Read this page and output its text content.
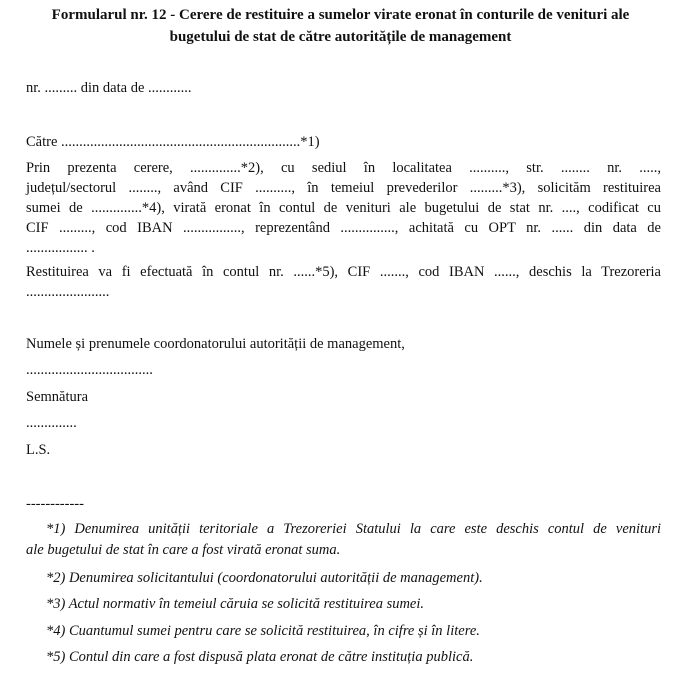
Formularul nr. 12 - Cerere de restituire a sumelor virate eronat în conturile de venituri ale
bugetului de stat de către autoritățile de management
nr. ......... din data de ............
Către ..................................................................*1)
Prin prezenta cerere, ..............*2), cu sediul în localitatea .........., str. ........ nr. .....,
județul/sectorul ........, având CIF .........., în temeiul prevederilor .........*3), solicităm restituirea
sumei de ..............*4), virată eronat în contul de venituri ale bugetului de stat nr. ...., codificat cu
CIF ........., cod IBAN ................, reprezentând ..............., achitată cu OPT nr. ...... din data de
................. .
Restituirea va fi efectuată în contul nr. ......*5), CIF ......., cod IBAN ......, deschis la Trezoreria
.......................
Numele și prenumele coordonatorului autorității de management,
...................................
Semnătura
..............
L.S.
------------
*1) Denumirea unității teritoriale a Trezoreriei Statului la care este deschis contul de venituri
ale bugetului de stat în care a fost virată eronat suma.
*2) Denumirea solicitantului (coordonatorului autorității de management).
*3) Actul normativ în temeiul căruia se solicită restituirea sumei.
*4) Cuantumul sumei pentru care se solicită restituirea, în cifre și în litere.
*5) Contul din care a fost dispusă plata eronat de către instituția publică.
